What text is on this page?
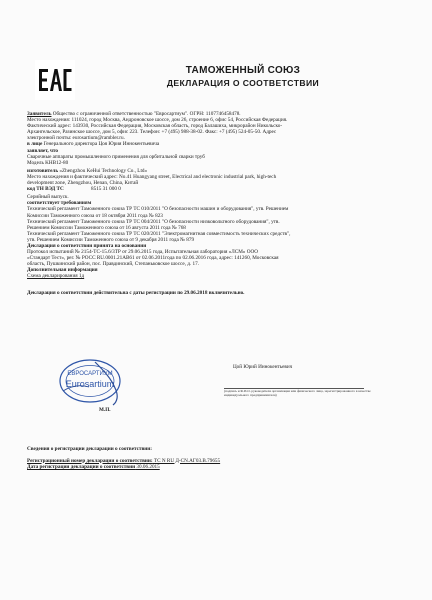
ТАМОЖЕННЫЙ СОЮЗ
ДЕКЛАРАЦИЯ О СООТВЕТСТВИИ

Заявитель Общество с ограниченной ответственностью "Евросартиум". ОГРН: 1107746458478.

Место нахождения: 111024, город Москва, Андроновское шоссе, дом 26, строение 6, офис 54, Российская Федерация.

Фактический адрес: 143930, Российская Федерация, Московская область, город Балашиха, микрорайон Никольско-

Архангельское, Разинское шоссе, дом 5, офис 223. Телефон: +7 (495) 988-38-02. Факс: +7 (495) 524-05-50. Адрес

электронной почты: eurosartium@rambler.ru.

в лице Генерального директора Цоя Юрия Иннокентьевича

заявляет, что

Сварочные аппараты промышленного применения для орбитальной сварки труб

Модель KHB12-80

изготовитель «Zhengzhou KeHui Technology Co., Ltd»

Место нахождения и фактический адрес: No.41 Huangyang street, Electrical and electronic industrial park, high-tech

development zone, Zhengzhou, Henan, China, Китай

код ТН ВЭД ТС	8515 31 000 0

Серийный выпуск.

соответствует требованиям

Технический регламент Таможенного союза ТР ТС 010/2011 "О безопасности машин и оборудования", утв. Решением

Комиссии Таможенного союза от 18 октября 2011 года № 823

Технический регламент Таможенного союза ТР ТС 004/2011 "О безопасности низковольтного оборудования", утв.

Решением Комиссии Таможенного союза от 16 августа 2011 года № 768

Технический регламент Таможенного союза ТР ТС 020/2011 "Электромагнитная совместимость технических средств",

утв. Решением Комиссии Таможенного союза от 9 декабря 2011 года № 879

Декларация о соответствии принята на основании

Протокол испытаний № 2154-ТС-15.6/3ТР от 29.06.2015 года, Испытательная лаборатория «ЛСМ» ООО

«Стандарт Тест», рег. № РОСС RU.0001.21АВ61 от 02.06.2011года по 02.06.2016 года, адрес: 141260, Московская

область, Пушкинский район, пос. Правдинский, Степаньковское шоссе, д. 17.

Дополнительная информация

Схема декларирования 1д

Декларация о соответствии действительна с даты регистрации по 29.06.2018 включительно.

ЕВРОСАРТИУМ
Eurosartium
Цой Юрий Иннокентьевич
(подпись и Ф.И.О. руководителя организации или физического лица, зарегистрированного в качестве
индивидуального предпринимателя)
М.П.

Сведения о регистрации декларации о соответствии:

Регистрационный номер декларации о соответствии: ТС N RU Д-CN.АГ03.В.79655

Дата регистрации декларации о соответствии 30.06.2015
